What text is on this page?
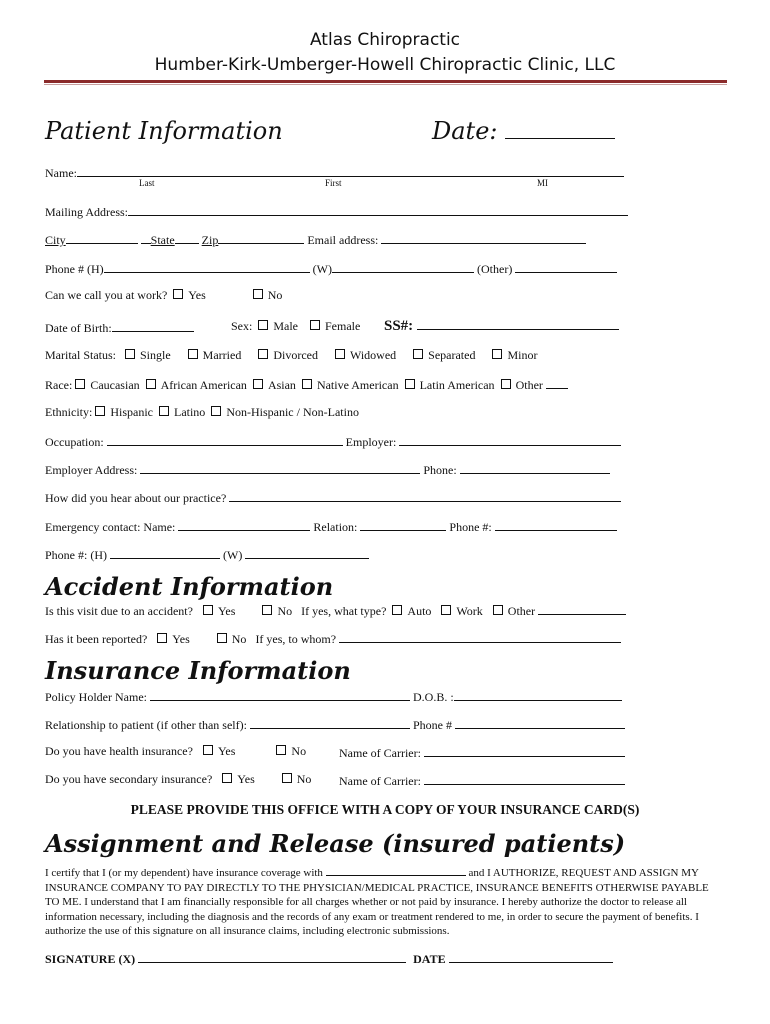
Atlas Chiropractic
Humber-Kirk-Umberger-Howell Chiropractic Clinic, LLC
Patient Information	Date:
Name:
Last	First	MI
Mailing Address:
City	State Zip	Email address:
Phone # (H)	(W)	(Other)
Can we call you at work? Yes	No
Date of Birth:	Sex: Male Female SS#:
Marital Status: Single	Married	Divorced	Widowed	Separated	Minor
Race: Caucasian African American Asian Native American Latin American Other
Ethnicity: Hispanic Latino Non-Hispanic / Non-Latino
Occupation:	Employer:
Employer Address:	Phone:
How did you hear about our practice?
Emergency contact: Name:	Relation:	Phone #:
Phone #: (H)	(W)
Accident Information
Is this visit due to an accident? Yes	No If yes, what type? Auto Work Other
Has it been reported? Yes	No If yes, to whom?
Insurance Information
Policy Holder Name:	D.O.B. :
Relationship to patient (if other than self):	Phone #
Do you have health insurance? Yes	No	Name of Carrier:
Do you have secondary insurance? Yes	No Name of Carrier:
PLEASE PROVIDE THIS OFFICE WITH A COPY OF YOUR INSURANCE CARD(S)
Assignment and Release (insured patients)
I certify that I (or my dependent) have insurance coverage with	and I AUTHORIZE, REQUEST AND ASSIGN MY INSURANCE COMPANY TO PAY DIRECTLY TO THE PHYSICIAN/MEDICAL PRACTICE, INSURANCE BENEFITS OTHERWISE PAYABLE TO ME. I understand that I am financially responsible for all charges whether or not paid by insurance. I hereby authorize the doctor to release all information necessary, including the diagnosis and the records of any exam or treatment rendered to me, in order to secure the payment of benefits. I authorize the use of this signature on all insurance claims, including electronic submissions.
SIGNATURE (X)	DATE
